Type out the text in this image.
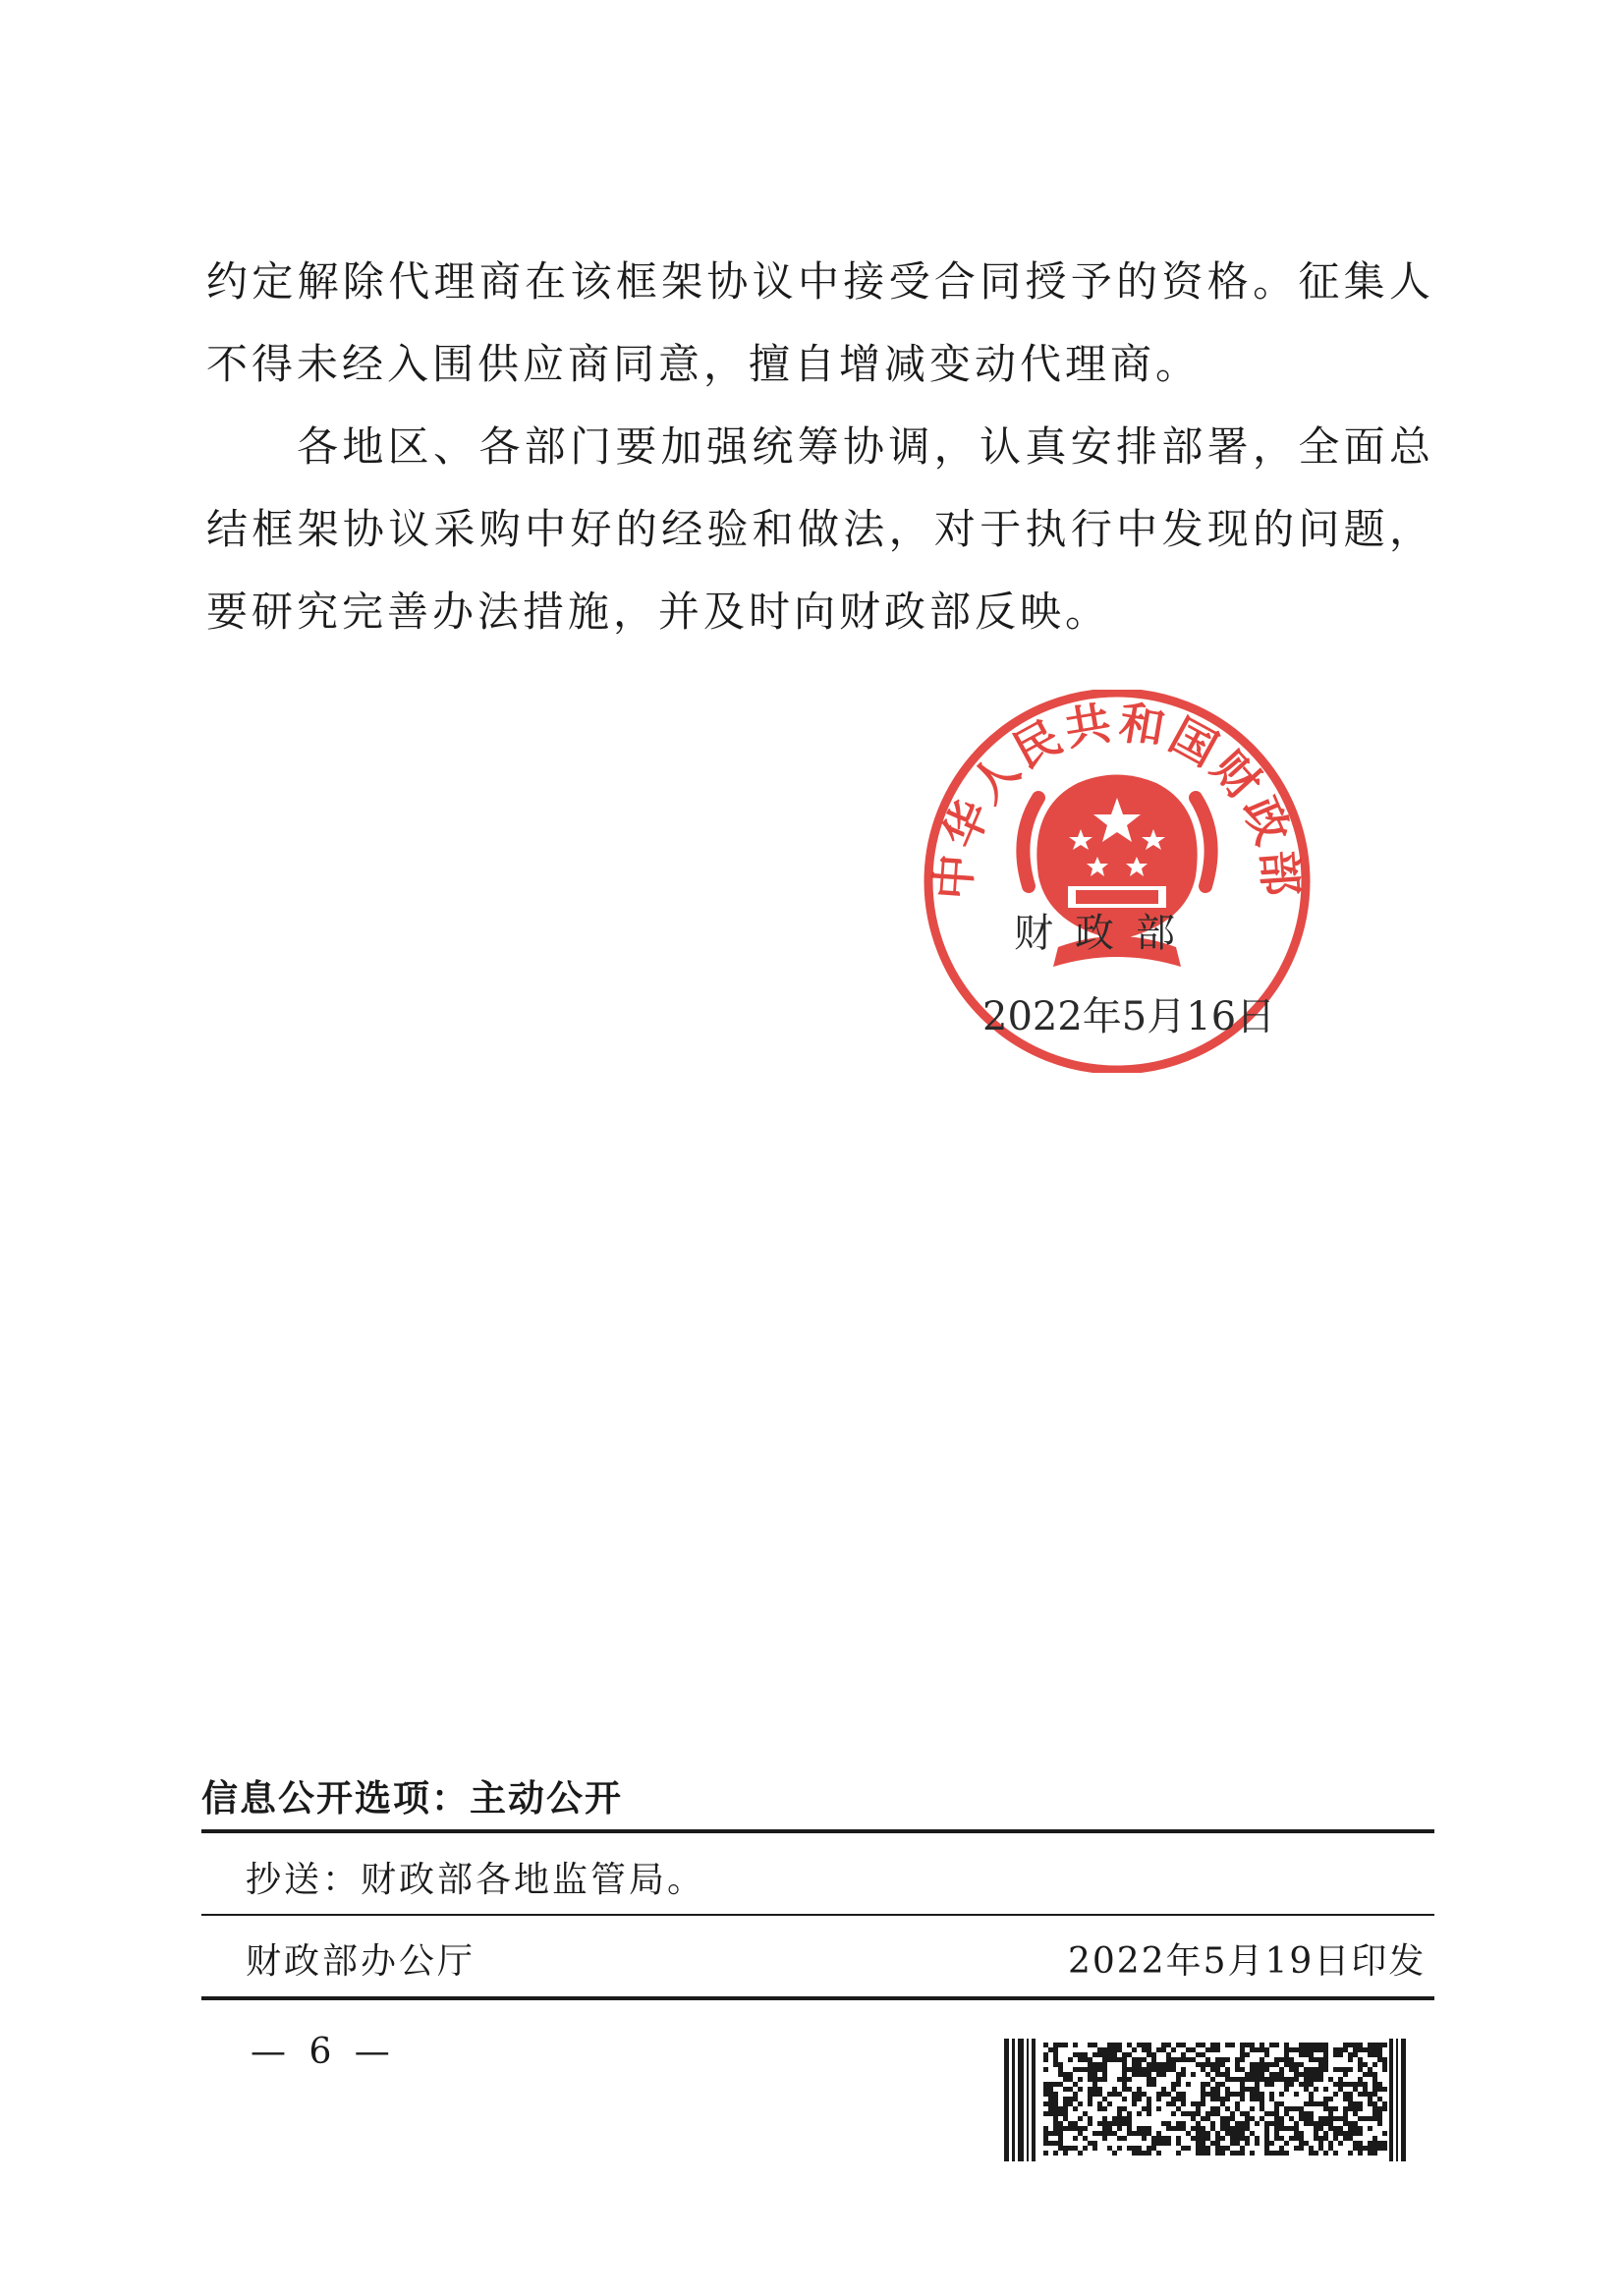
约定解除代理商在该框架协议中接受合同授予的资格。征集人不得未经入围供应商同意，擅自增减变动代理商。

各地区、各部门要加强统筹协调，认真安排部署，全面总结框架协议采购中好的经验和做法，对于执行中发现的问题，要研究完善办法措施，并及时向财政部反映。

中华人民共和国财政部
财政部
2022年5月16日
信息公开选项：主动公开
抄送：财政部各地监管局。
财政部办公厅	2022年5月19日印发
— 6 —
